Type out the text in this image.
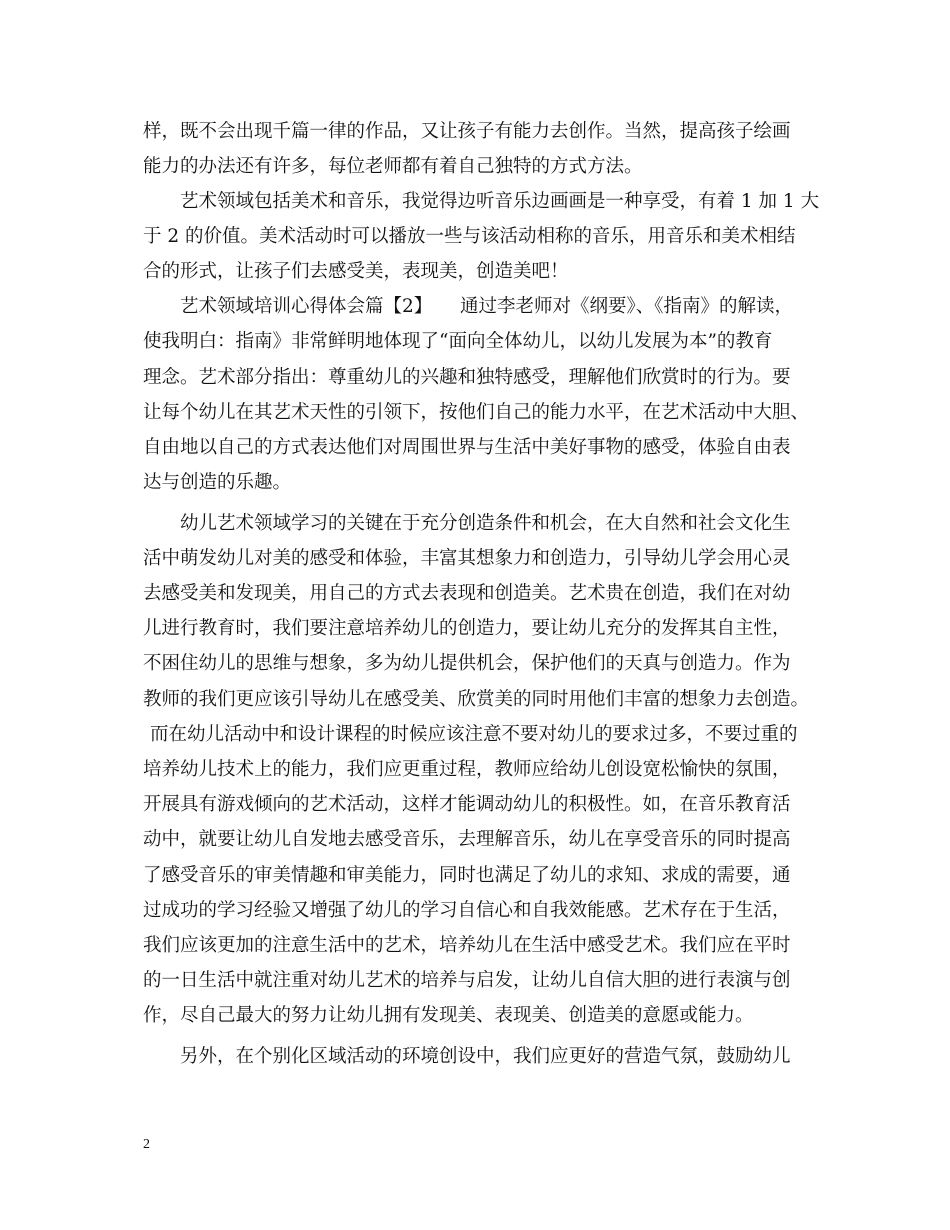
样，既不会出现千篇一律的作品，又让孩子有能力去创作。当然，提高孩子绘画
能力的办法还有许多，每位老师都有着自己独特的方式方法。
艺术领域包括美术和音乐，我觉得边听音乐边画画是一种享受，有着 1 加 1 大
于 2 的价值。美术活动时可以播放一些与该活动相称的音乐，用音乐和美术相结
合的形式，让孩子们去感受美，表现美，创造美吧！
艺术领域培训心得体会篇【2】　　通过李老师对《纲要》、《指南》的解读，
使我明白：指南》非常鲜明地体现了“面向全体幼儿，以幼儿发展为本”的教育
理念。艺术部分指出：尊重幼儿的兴趣和独特感受，理解他们欣赏时的行为。要
让每个幼儿在其艺术天性的引领下，按他们自己的能力水平，在艺术活动中大胆、
自由地以自己的方式表达他们对周围世界与生活中美好事物的感受，体验自由表
达与创造的乐趣。
幼儿艺术领域学习的关键在于充分创造条件和机会，在大自然和社会文化生
活中萌发幼儿对美的感受和体验，丰富其想象力和创造力，引导幼儿学会用心灵
去感受美和发现美，用自己的方式去表现和创造美。艺术贵在创造，我们在对幼
儿进行教育时，我们要注意培养幼儿的创造力，要让幼儿充分的发挥其自主性，
不困住幼儿的思维与想象，多为幼儿提供机会，保护他们的天真与创造力。作为
教师的我们更应该引导幼儿在感受美、欣赏美的同时用他们丰富的想象力去创造。
而在幼儿活动中和设计课程的时候应该注意不要对幼儿的要求过多，不要过重的
培养幼儿技术上的能力，我们应更重过程，教师应给幼儿创设宽松愉快的氛围，
开展具有游戏倾向的艺术活动，这样才能调动幼儿的积极性。如，在音乐教育活
动中，就要让幼儿自发地去感受音乐，去理解音乐，幼儿在享受音乐的同时提高
了感受音乐的审美情趣和审美能力，同时也满足了幼儿的求知、求成的需要，通
过成功的学习经验又增强了幼儿的学习自信心和自我效能感。艺术存在于生活，
我们应该更加的注意生活中的艺术，培养幼儿在生活中感受艺术。我们应在平时
的一日生活中就注重对幼儿艺术的培养与启发，让幼儿自信大胆的进行表演与创
作，尽自己最大的努力让幼儿拥有发现美、表现美、创造美的意愿或能力。
另外，在个别化区域活动的环境创设中，我们应更好的营造气氛，鼓励幼儿
2
